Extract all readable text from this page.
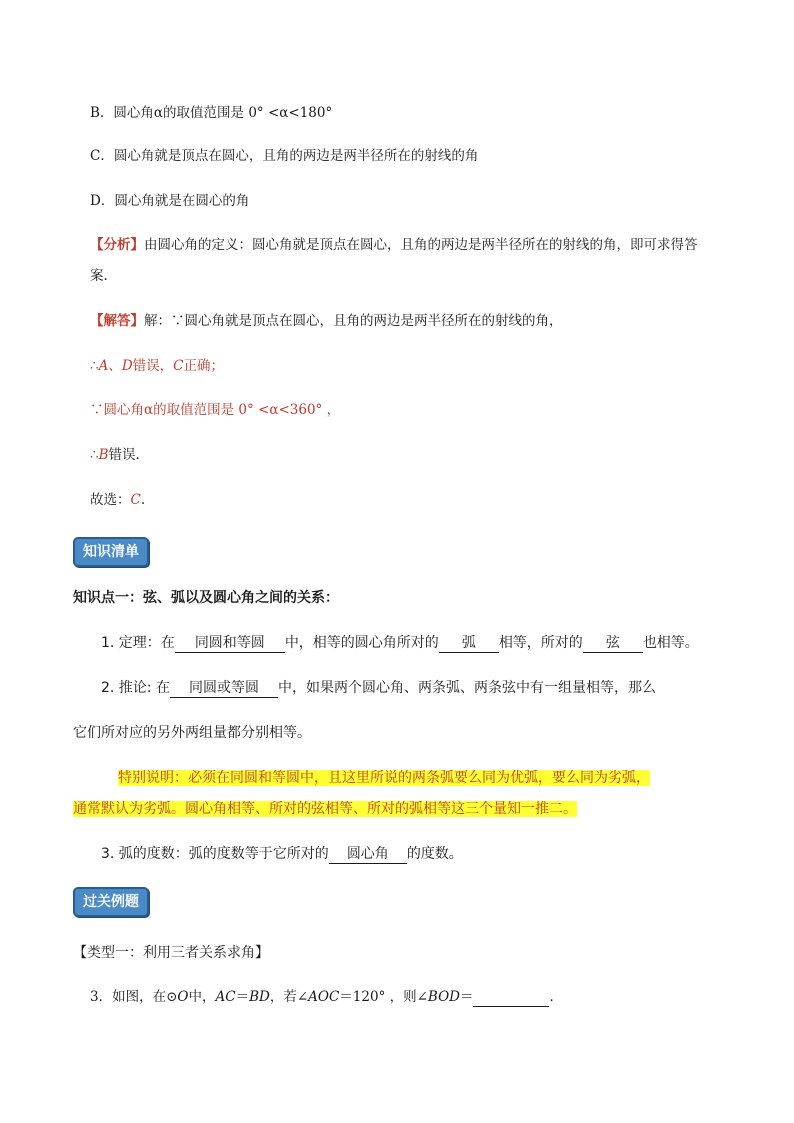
B．圆心角α的取值范围是 0° <α<180°
C．圆心角就是顶点在圆心，且角的两边是两半径所在的射线的角
D．圆心角就是在圆心的角
【分析】由圆心角的定义：圆心角就是顶点在圆心，且角的两边是两半径所在的射线的角，即可求得答
案.
【解答】解：∵圆心角就是顶点在圆心，且角的两边是两半径所在的射线的角，
∴A、D错误，C正确；
∵圆心角α的取值范围是 0° <α<360° ，
∴B错误.
故选：C.
知识清单
知识点一：弦、弧以及圆心角之间的关系：
1. 定理：在 同圆和等圆 中，相等的圆心角所对的 弧 相等，所对的 弦 也相等。
2. 推论: 在 同圆或等圆 中，如果两个圆心角、两条弧、两条弦中有一组量相等，那么
它们所对应的另外两组量都分别相等。
特别说明：必须在同圆和等圆中，且这里所说的两条弧要么同为优弧，要么同为劣弧，
通常默认为劣弧。圆心角相等、所对的弦相等、所对的弧相等这三个量知一推二。
3. 弧的度数：弧的度数等于它所对的 圆心角 的度数。
过关例题
【类型一：利用三者关系求角】
3．如图，在⊙O中，AC＝BD，若∠AOC＝120° ，则∠BOD＝	．
